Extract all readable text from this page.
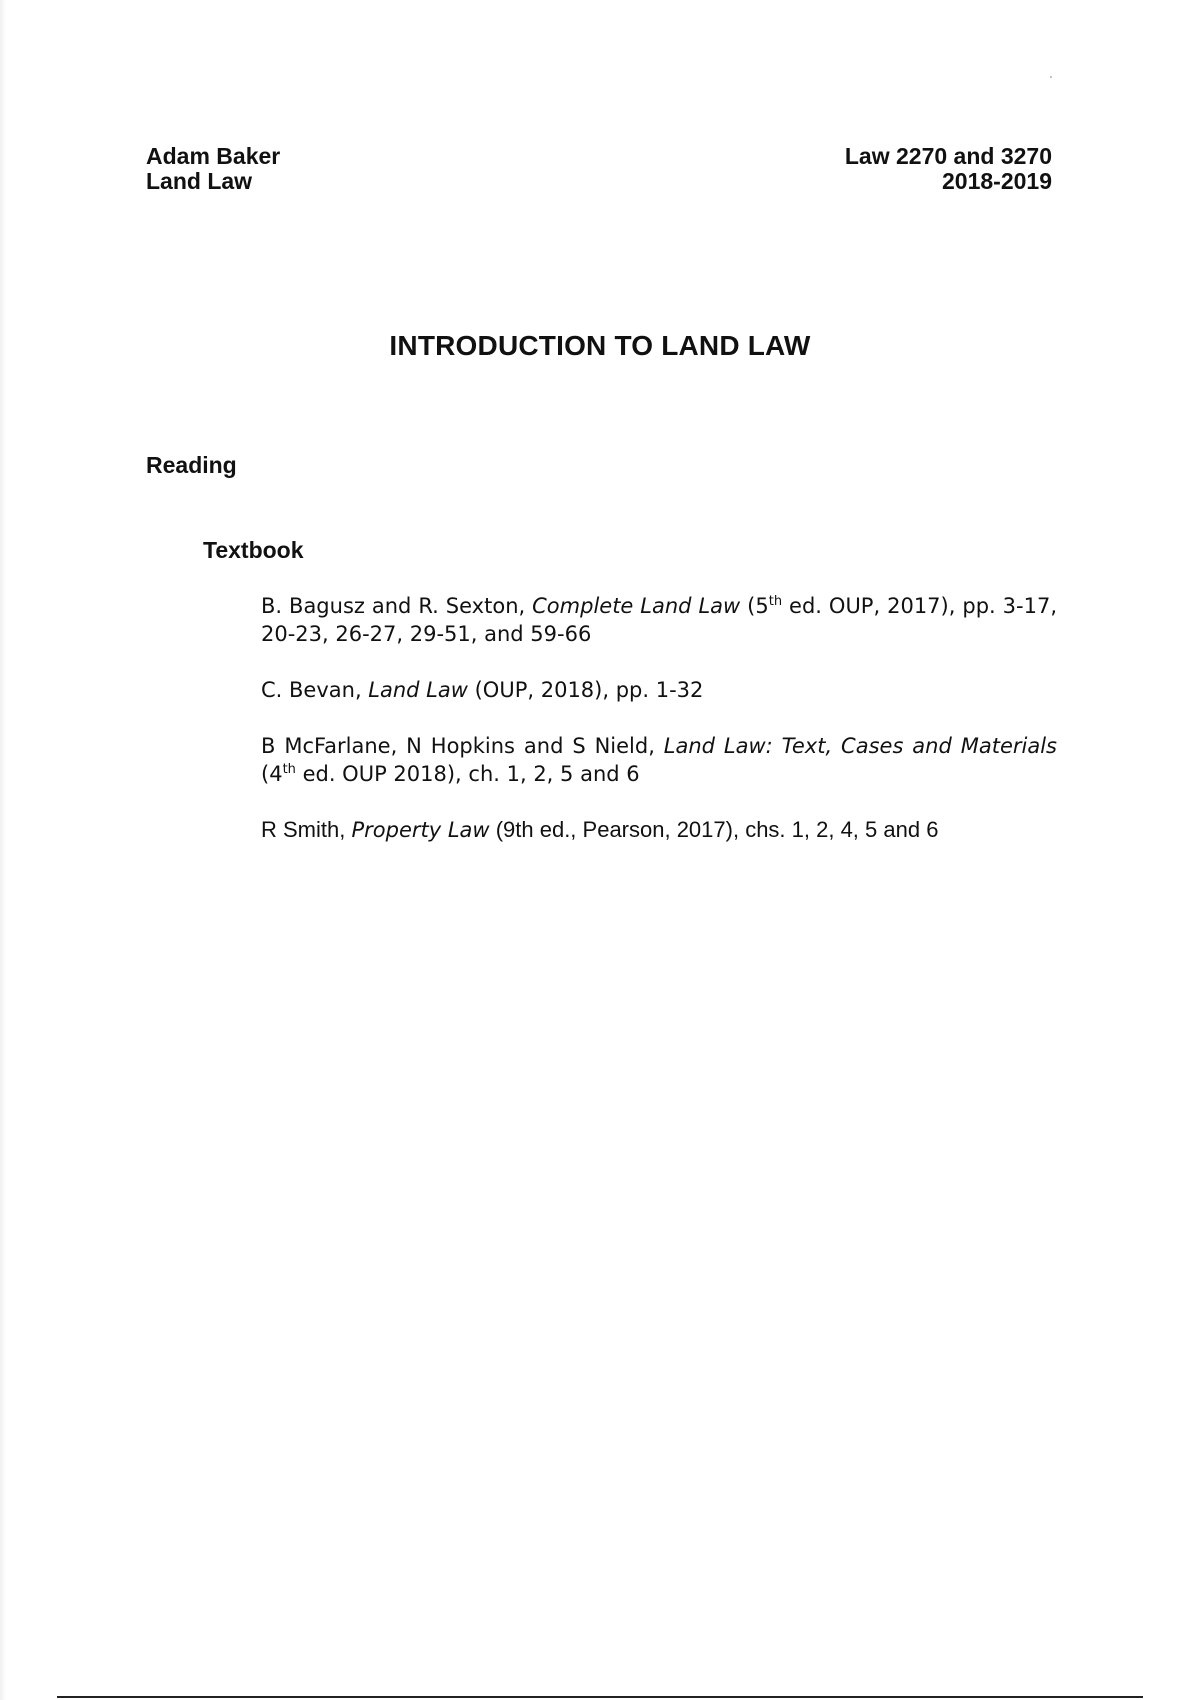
Adam Baker
Land Law
Law 2270 and 3270
2018-2019
INTRODUCTION TO LAND LAW
Reading
Textbook

B. Bagusz and R. Sexton, Complete Land Law (5th ed. OUP, 2017), pp. 3-17, 20-23, 26-27, 29-51, and 59-66

C. Bevan, Land Law (OUP, 2018), pp. 1-32

B McFarlane, N Hopkins and S Nield, Land Law: Text, Cases and Materials (4th ed. OUP 2018), ch. 1, 2, 5 and 6

R Smith, Property Law (9th ed., Pearson, 2017), chs. 1, 2, 4, 5 and 6
